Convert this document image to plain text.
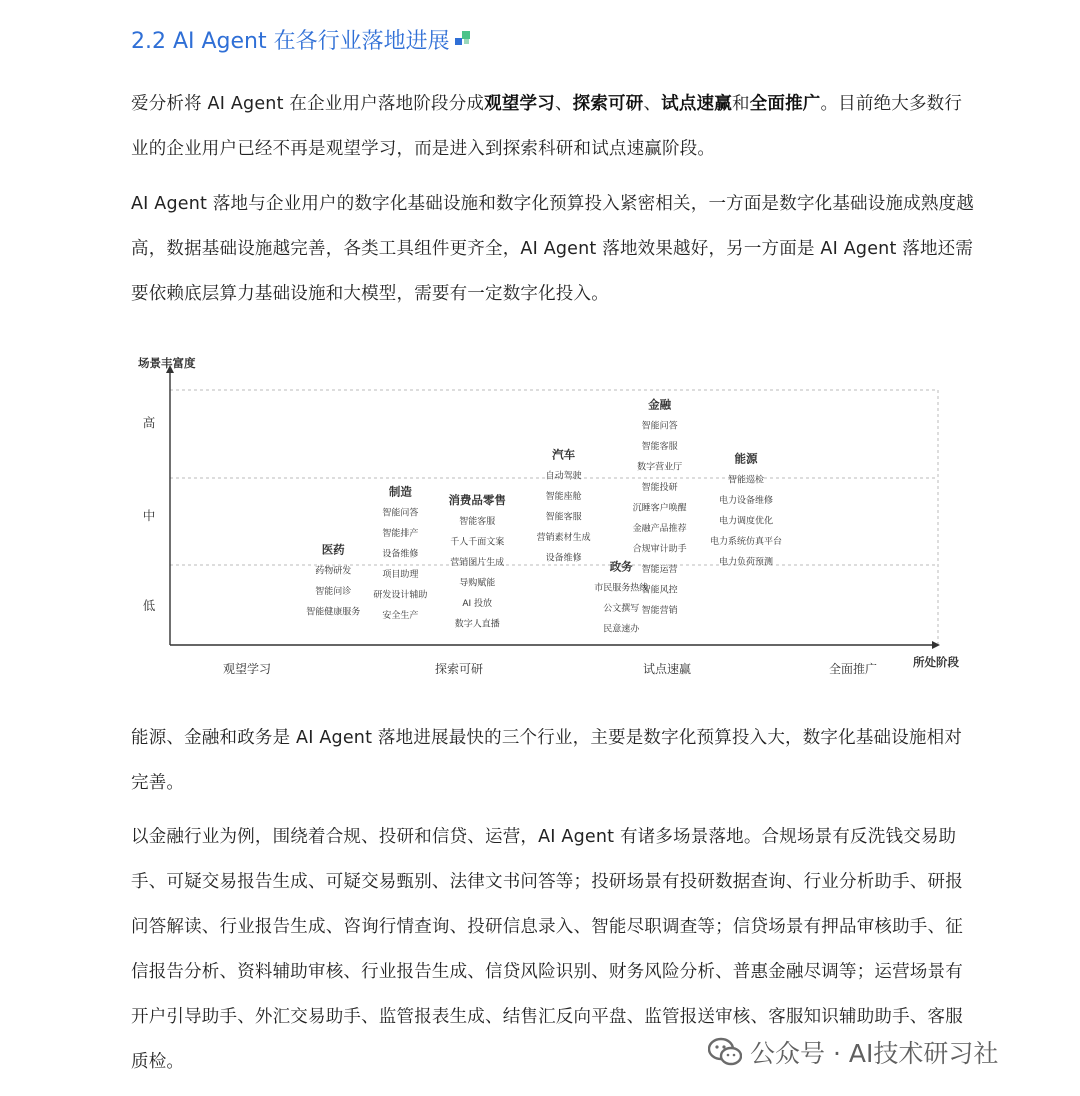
2.2 AI Agent 在各行业落地进展

爱分析将 AI Agent 在企业用户落地阶段分成观望学习、探索可研、试点速赢和全面推广。目前绝大多数行业的企业用户已经不再是观望学习，而是进入到探索科研和试点速赢阶段。

AI Agent 落地与企业用户的数字化基础设施和数字化预算投入紧密相关，一方面是数字化基础设施成熟度越高，数据基础设施越完善，各类工具组件更齐全，AI Agent 落地效果越好，另一方面是 AI Agent 落地还需要依赖底层算力基础设施和大模型，需要有一定数字化投入。

场景丰富度
所处阶段
低
中
高
观望学习	探索可研	试点速赢	全面推广
医药
药物研发
智能问诊
智能健康服务
制造
智能问答
智能排产
设备维修
项目助理
研发设计辅助
安全生产
消费品零售
智能客服
千人千面文案
营销图片生成
导购赋能
AI 投放
数字人直播
汽车
自动驾驶
智能座舱
智能客服
营销素材生成
设备维修
金融
智能问答
智能客服
数字营业厅
智能投研
沉睡客户唤醒
金融产品推荐
合规审计助手
智能运营
智能风控
智能营销
政务
市民服务热线
公文撰写
民意速办
能源
智能巡检
电力设备维修
电力调度优化
电力系统仿真平台
电力负荷预测

能源、金融和政务是 AI Agent 落地进展最快的三个行业，主要是数字化预算投入大，数字化基础设施相对完善。

以金融行业为例，围绕着合规、投研和信贷、运营，AI Agent 有诸多场景落地。合规场景有反洗钱交易助手、可疑交易报告生成、可疑交易甄别、法律文书问答等；投研场景有投研数据查询、行业分析助手、研报问答解读、行业报告生成、咨询行情查询、投研信息录入、智能尽职调查等；信贷场景有押品审核助手、征信报告分析、资料辅助审核、行业报告生成、信贷风险识别、财务风险分析、普惠金融尽调等；运营场景有开户引导助手、外汇交易助手、监管报表生成、结售汇反向平盘、监管报送审核、客服知识辅助助手、客服质检。	公众号 · AI技术研习社
